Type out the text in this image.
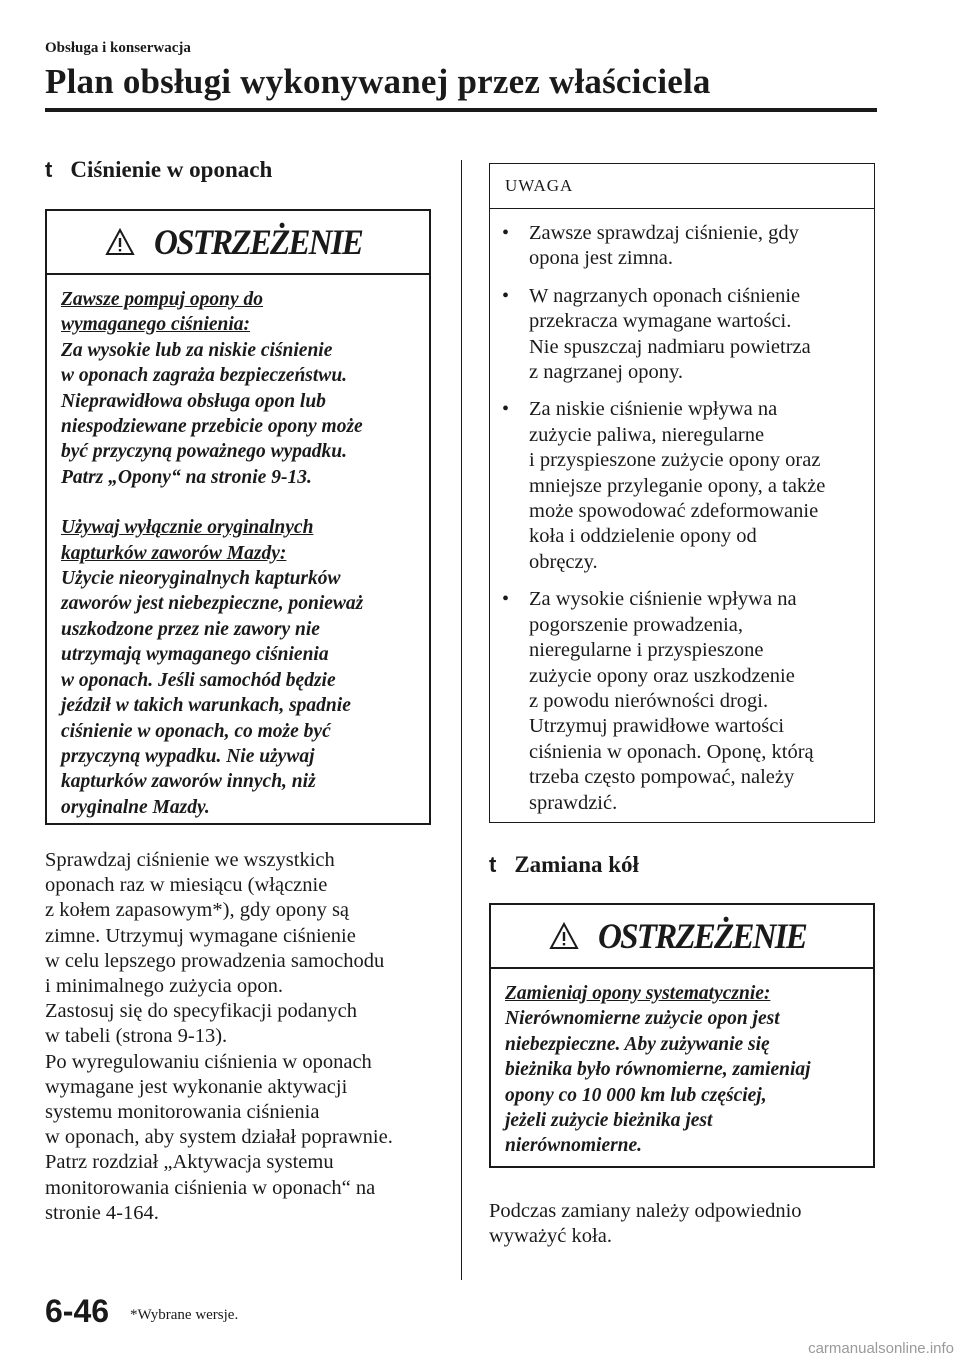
Obsługa i konserwacja
Plan obsługi wykonywanej przez właściciela
t Ciśnienie w oponach
OSTRZEŻENIE

Zawsze pompuj opony do

wymaganego ciśnienia:

Za wysokie lub za niskie ciśnienie

w oponach zagraża bezpieczeństwu.

Nieprawidłowa obsługa opon lub

niespodziewane przebicie opony może

być przyczyną poważnego wypadku.

Patrz „Opony“ na stronie 9-13.

Używaj wyłącznie oryginalnych

kapturków zaworów Mazdy:

Użycie nieoryginalnych kapturków

zaworów jest niebezpieczne, ponieważ

uszkodzone przez nie zawory nie

utrzymają wymaganego ciśnienia

w oponach. Jeśli samochód będzie

jeździł w takich warunkach, spadnie

ciśnienie w oponach, co może być

przyczyną wypadku. Nie używaj

kapturków zaworów innych, niż

oryginalne Mazdy.

Sprawdzaj ciśnienie we wszystkich

oponach raz w miesiącu (włącznie

z kołem zapasowym*), gdy opony są

zimne. Utrzymuj wymagane ciśnienie

w celu lepszego prowadzenia samochodu

i minimalnego zużycia opon.

Zastosuj się do specyfikacji podanych

w tabeli (strona 9-13).

Po wyregulowaniu ciśnienia w oponach

wymagane jest wykonanie aktywacji

systemu monitorowania ciśnienia

w oponach, aby system działał poprawnie.

Patrz rozdział „Aktywacja systemu

monitorowania ciśnienia w oponach“ na

stronie 4-164.

UWAGA
• Zawsze sprawdzaj ciśnienie, gdy
opona jest zimna.
• W nagrzanych oponach ciśnienie
przekracza wymagane wartości.
Nie spuszczaj nadmiaru powietrza
z nagrzanej opony.
• Za niskie ciśnienie wpływa na
zużycie paliwa, nieregularne
i przyspieszone zużycie opony oraz
mniejsze przyleganie opony, a także
może spowodować zdeformowanie
koła i oddzielenie opony od
obręczy.
• Za wysokie ciśnienie wpływa na
pogorszenie prowadzenia,
nieregularne i przyspieszone
zużycie opony oraz uszkodzenie
z powodu nierówności drogi.
Utrzymuj prawidłowe wartości
ciśnienia w oponach. Oponę, którą
trzeba często pompować, należy
sprawdzić.
t Zamiana kół
OSTRZEŻENIE

Zamieniaj opony systematycznie:

Nierównomierne zużycie opon jest

niebezpieczne. Aby zużywanie się

bieżnika było równomierne, zamieniaj

opony co 10 000 km lub częściej,

jeżeli zużycie bieżnika jest

nierównomierne.

Podczas zamiany należy odpowiednio

wyważyć koła.

6-46 *Wybrane wersje.
carmanualsonline.info
